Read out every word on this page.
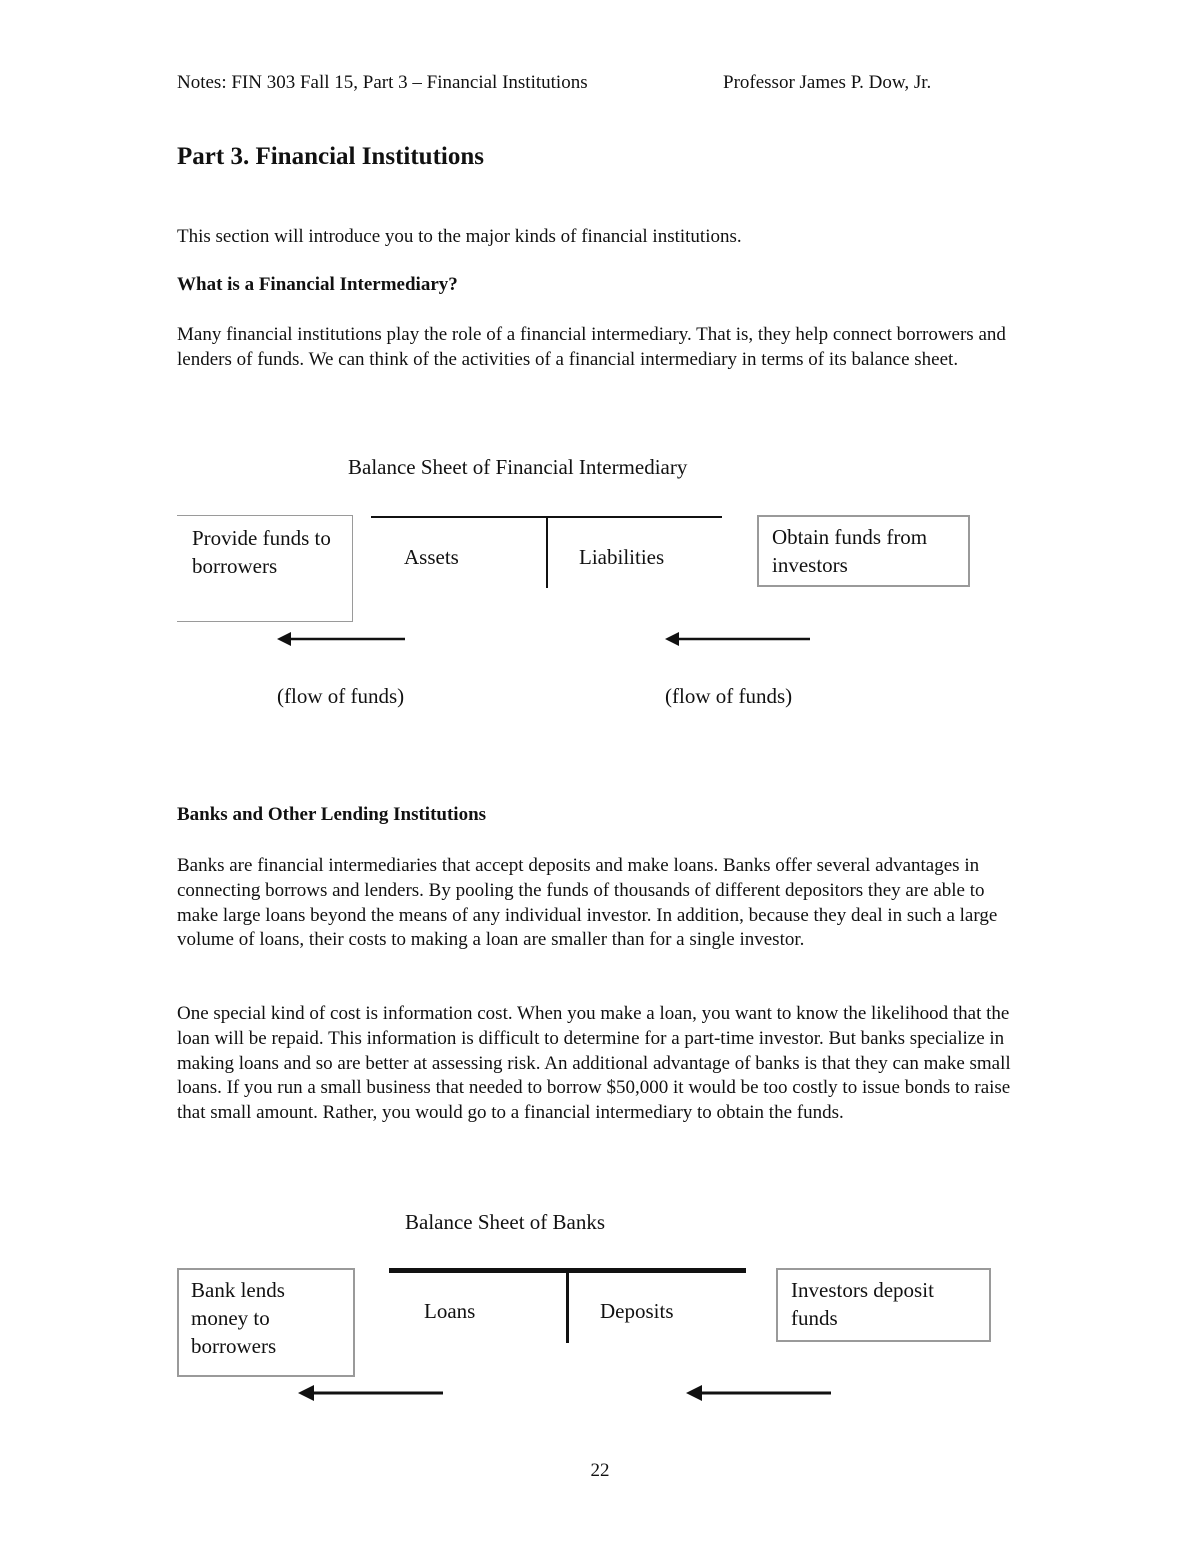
Notes: FIN 303 Fall 15, Part 3 – Financial Institutions	Professor James P. Dow, Jr.
Part 3. Financial Institutions

This section will introduce you to the major kinds of financial institutions.

What is a Financial Intermediary?

Many financial institutions play the role of a financial intermediary. That is, they help connect borrowers and lenders of funds. We can think of the activities of a financial intermediary in terms of its balance sheet.

Balance Sheet of Financial Intermediary
Provide funds to borrowers	Assets	Liabilities
Obtain funds from investors
(flow of funds)	(flow of funds)
Banks and Other Lending Institutions

Banks are financial intermediaries that accept deposits and make loans. Banks offer several advantages in connecting borrows and lenders. By pooling the funds of thousands of different depositors they are able to make large loans beyond the means of any individual investor. In addition, because they deal in such a large volume of loans, their costs to making a loan are smaller than for a single investor.

One special kind of cost is information cost. When you make a loan, you want to know the likelihood that the loan will be repaid. This information is difficult to determine for a part-time investor. But banks specialize in making loans and so are better at assessing risk. An additional advantage of banks is that they can make small loans. If you run a small business that needed to borrow $50,000 it would be too costly to issue bonds to raise that small amount. Rather, you would go to a financial intermediary to obtain the funds.

Balance Sheet of Banks
Bank lends money to borrowers
Loans	Deposits
Investors deposit funds
22
